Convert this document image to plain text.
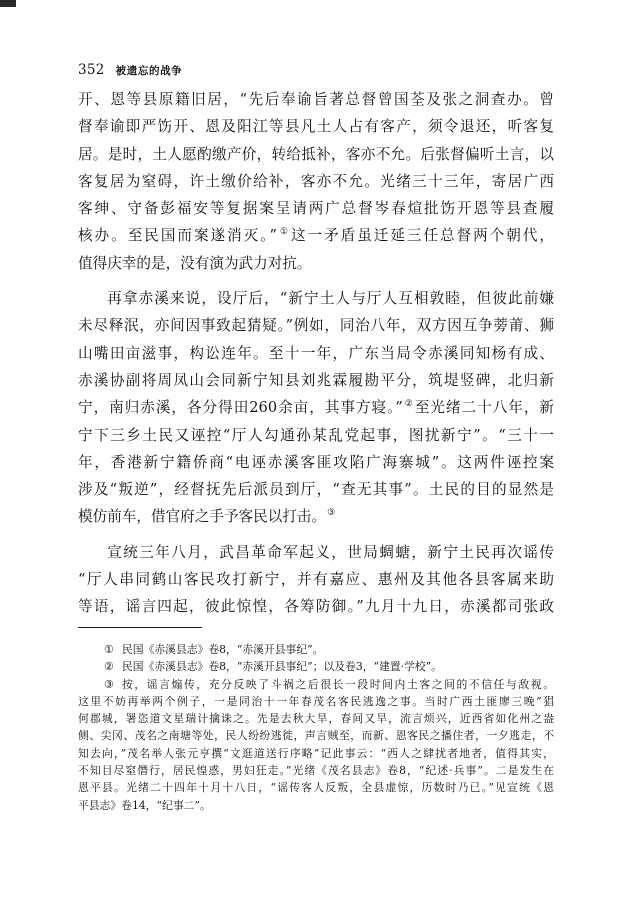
352 被遗忘的战争
开、恩等县原籍旧居，“先后奉谕旨著总督曾国荃及张之洞查办。曾
督奉谕即严饬开、恩及阳江等县凡土人占有客产，须令退还，听客复
居。是时，土人愿酌缴产价，转给抵补，客亦不允。后张督偏听土言，以
客复居为窒碍，许土缴价给补，客亦不允。光绪三十三年，寄居广西
客绅、守备彭福安等复据案呈请两广总督岑春煊批饬开恩等县查履
核办。至民国而案遂消灭。”①这一矛盾虽迁延三任总督两个朝代，
值得庆幸的是，没有演为武力对抗。
再拿赤溪来说，设厅后，“新宁土人与厅人互相敦睦，但彼此前嫌
未尽释泯，亦间因事致起猜疑。”例如，同治八年，双方因互争蒡莆、狮
山嘴田亩滋事，构讼连年。至十一年，广东当局令赤溪同知杨有成、
赤溪协副将周凤山会同新宁知县刘兆霖履勘平分，筑堤竖碑，北归新
宁，南归赤溪，各分得田260余亩，其事方寝。”②至光绪二十八年，新
宁下三乡土民又诬控“厅人勾通孙某乱党起事，图扰新宁”。“三十一
年，香港新宁籍侨商“电诬赤溪客匪攻陷广海寨城”。这两件诬控案
涉及“叛逆”，经督抚先后派员到厅，“查无其事”。土民的目的显然是
模仿前车，借官府之手予客民以打击。③
宣统三年八月，武昌革命军起义，世局蜩螗，新宁土民再次谣传
“厅人串同鹤山客民攻打新宁，并有嘉应、惠州及其他各县客属来助
等语，谣言四起，彼此惊惶，各筹防御。”九月十九日，赤溪都司张政
① 民国《赤溪县志》卷8，“赤溪开县事纪”。
② 民国《赤溪县志》卷8，“赤溪开县事纪”；以及卷3，“建置·学校”。
③ 按，谣言煽传，充分反映了斗祸之后很长一段时间内土客之间的不信任与敌视。
这里不妨再举两个例子，一是同治十一年春茂名客民逃逸之事。当时广西土匪廖三晚“猖
何郡城，署恣道文星瑞计擒诛之。先是去秋大旱，春间又旱，流言烦兴，近西省如化州之盎
侧、尖冈、茂名之南塘等处，民人纷纷逃徙，声言贼至，而新、恩客民之播住者，一夕逃走，不
知去向，”茂名举人张元亨撰“文逛道送行序略”记此事云：“西人之肆扰者地者，值得其实，
不知目尽窒僭行，居民惶惑，男妇狂走。”光绪《茂名县志》卷8，“纪述·兵事”。二是发生在
恩平县。光绪二十四年十月十八日，“谣传客人反叛，全县虚惊，历数时乃已。”见宣统《恩
平县志》卷14，“纪事二”。
